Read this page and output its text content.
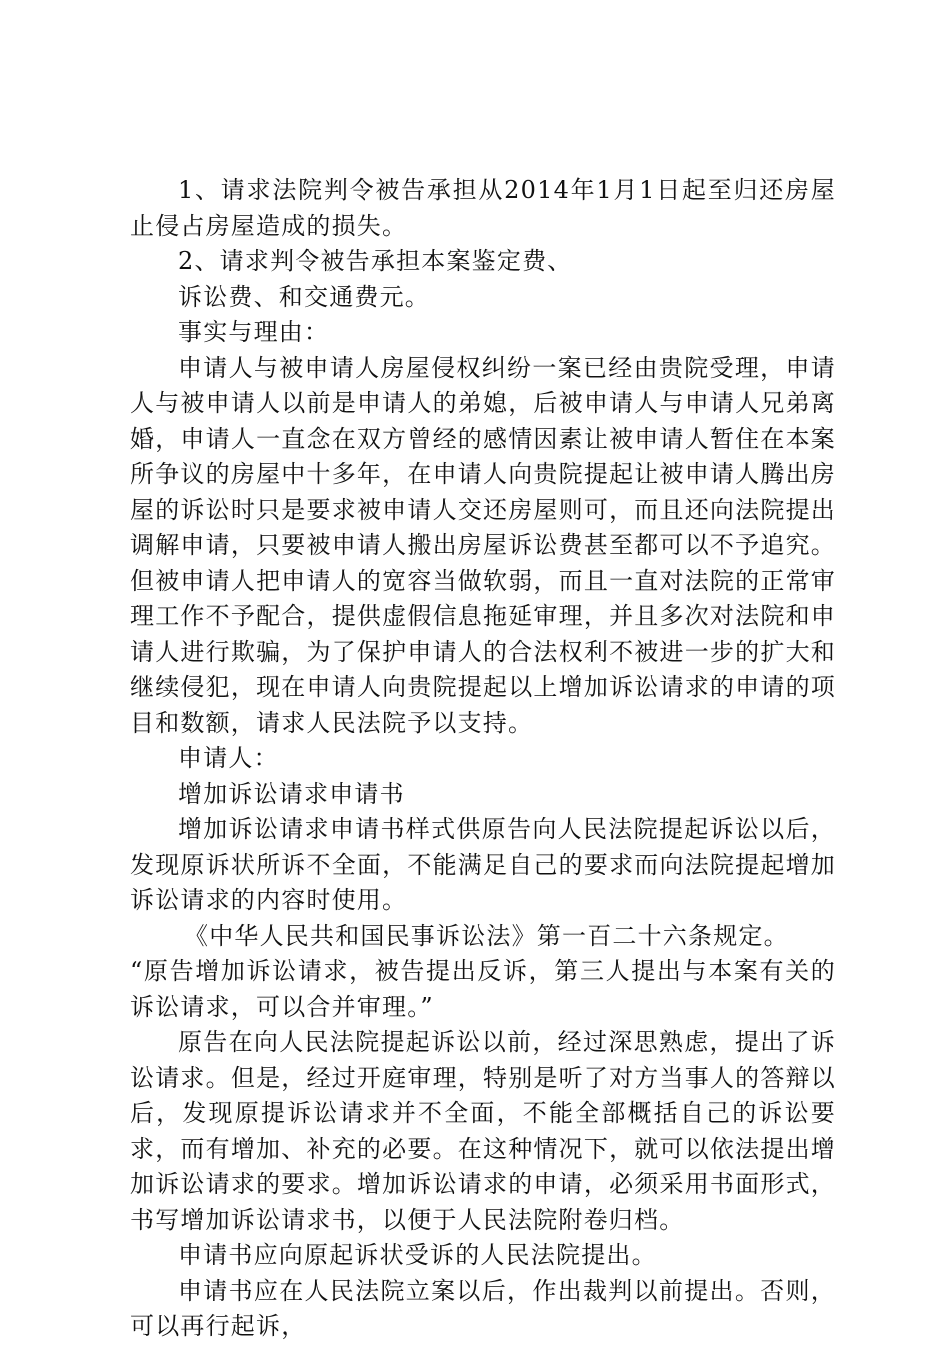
1、请求法院判令被告承担从2014年1月1日起至归还房屋止侵占房屋造成的损失。

2、请求判令被告承担本案鉴定费、

诉讼费、和交通费元。

事实与理由：

申请人与被申请人房屋侵权纠纷一案已经由贵院受理，申请人与被申请人以前是申请人的弟媳，后被申请人与申请人兄弟离婚，申请人一直念在双方曾经的感情因素让被申请人暂住在本案所争议的房屋中十多年，在申请人向贵院提起让被申请人腾出房屋的诉讼时只是要求被申请人交还房屋则可，而且还向法院提出调解申请，只要被申请人搬出房屋诉讼费甚至都可以不予追究。但被申请人把申请人的宽容当做软弱，而且一直对法院的正常审理工作不予配合，提供虚假信息拖延审理，并且多次对法院和申请人进行欺骗，为了保护申请人的合法权利不被进一步的扩大和继续侵犯，现在申请人向贵院提起以上增加诉讼请求的申请的项目和数额，请求人民法院予以支持。

申请人：

增加诉讼请求申请书

增加诉讼请求申请书样式供原告向人民法院提起诉讼以后，发现原诉状所诉不全面，不能满足自己的要求而向法院提起增加诉讼请求的内容时使用。

《中华人民共和国民事诉讼法》第一百二十六条规定。

“原告增加诉讼请求，被告提出反诉，第三人提出与本案有关的诉讼请求，可以合并审理。”

原告在向人民法院提起诉讼以前，经过深思熟虑，提出了诉讼请求。但是，经过开庭审理，特别是听了对方当事人的答辩以后，发现原提诉讼请求并不全面，不能全部概括自己的诉讼要求，而有增加、补充的必要。在这种情况下，就可以依法提出增加诉讼请求的要求。增加诉讼请求的申请，必须采用书面形式，书写增加诉讼请求书，以便于人民法院附卷归档。

申请书应向原起诉状受诉的人民法院提出。

申请书应在人民法院立案以后，作出裁判以前提出。否则，可以再行起诉，
